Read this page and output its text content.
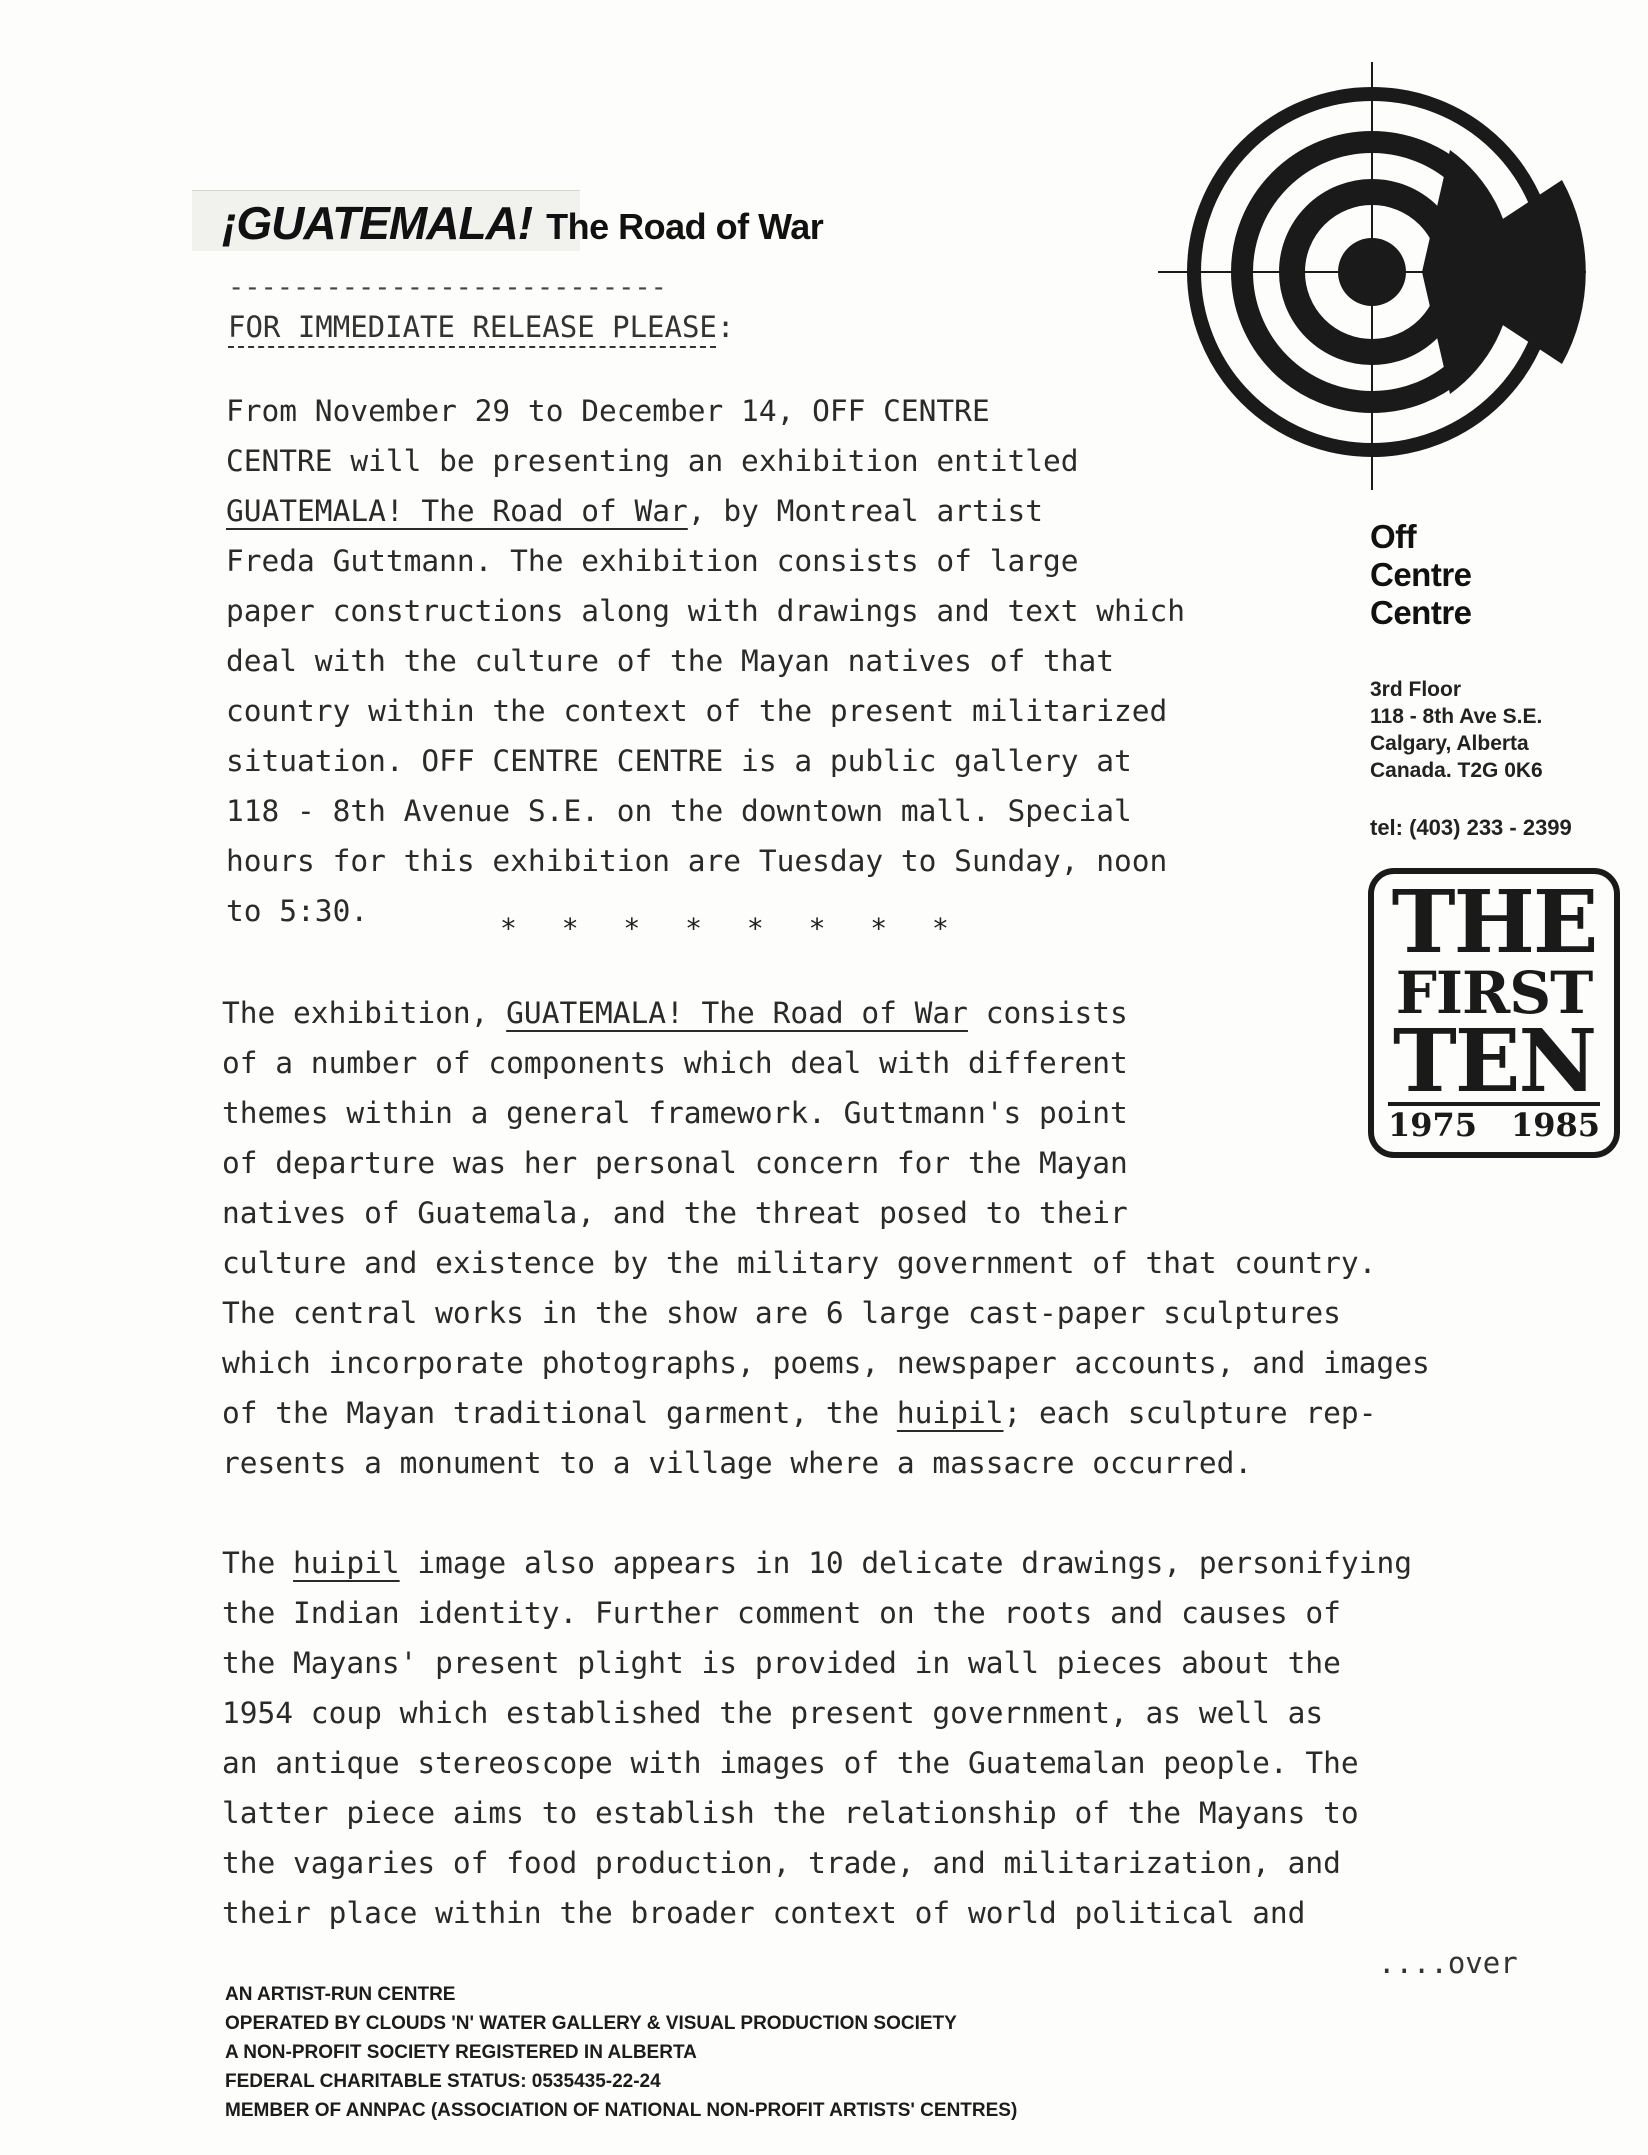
¡GUATEMALA! The Road of War
---------------------------
FOR IMMEDIATE RELEASE PLEASE:
From November 29 to December 14, OFF CENTRE
CENTRE will be presenting an exhibition entitled
GUATEMALA! The Road of War, by Montreal artist
Freda Guttmann. The exhibition consists of large
paper constructions along with drawings and text which
deal with the culture of the Mayan natives of that
country within the context of the present militarized
situation. OFF CENTRE CENTRE is a public gallery at
118 - 8th Avenue S.E. on the downtown mall. Special
hours for this exhibition are Tuesday to Sunday, noon
to 5:30.
* * * * * * * *
The exhibition, GUATEMALA! The Road of War consists
of a number of components which deal with different
themes within a general framework. Guttmann's point
of departure was her personal concern for the Mayan
natives of Guatemala, and the threat posed to their
culture and existence by the military government of that country.
The central works in the show are 6 large cast-paper sculptures
which incorporate photographs, poems, newspaper accounts, and images
of the Mayan traditional garment, the huipil; each sculpture rep-
resents a monument to a village where a massacre occurred.
The huipil image also appears in 10 delicate drawings, personifying
the Indian identity. Further comment on the roots and causes of
the Mayans' present plight is provided in wall pieces about the
1954 coup which established the present government, as well as
an antique stereoscope with images of the Guatemalan people. The
latter piece aims to establish the relationship of the Mayans to
the vagaries of food production, trade, and militarization, and
their place within the broader context of world political and
....over
Off
Centre
Centre
3rd Floor
118 - 8th Ave S.E.
Calgary, Alberta
Canada. T2G 0K6
tel: (403) 233 - 2399
THE
FIRST
TEN
1975 1985
AN ARTIST-RUN CENTRE
OPERATED BY CLOUDS 'N' WATER GALLERY & VISUAL PRODUCTION SOCIETY
A NON-PROFIT SOCIETY REGISTERED IN ALBERTA
FEDERAL CHARITABLE STATUS: 0535435-22-24
MEMBER OF ANNPAC (ASSOCIATION OF NATIONAL NON-PROFIT ARTISTS' CENTRES)
